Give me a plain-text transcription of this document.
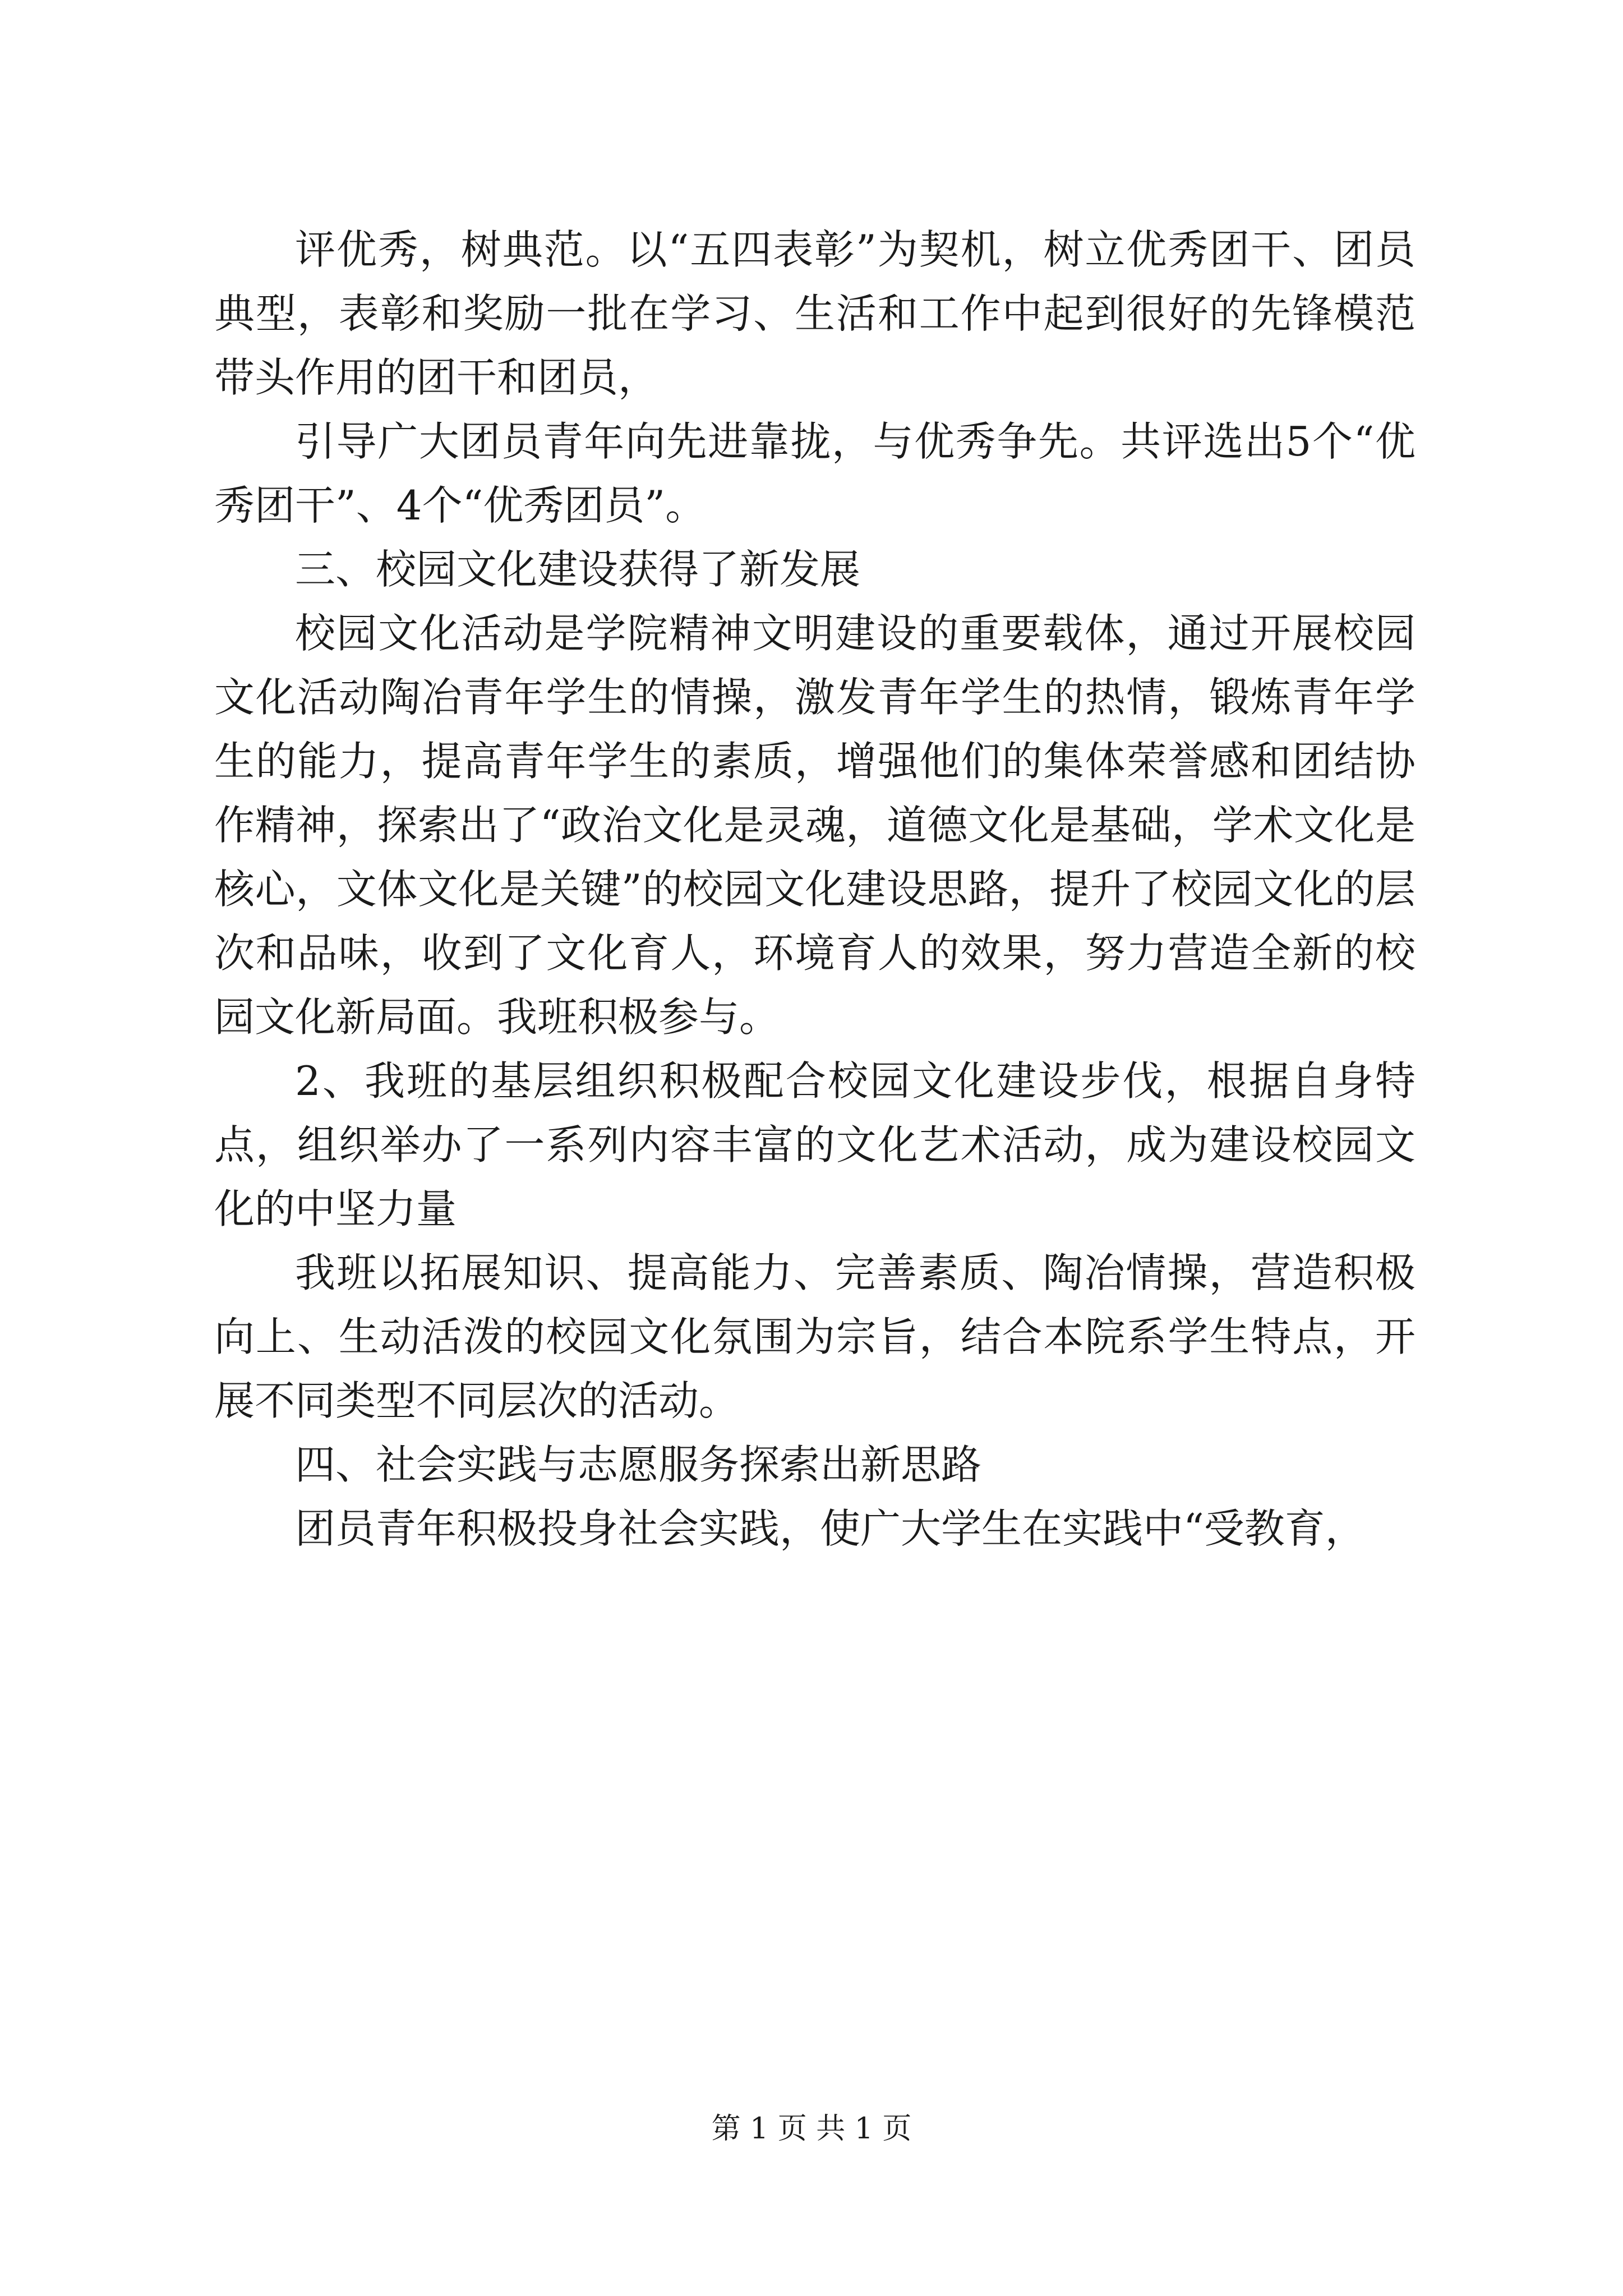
评优秀，树典范。以“五四表彰”为契机，树立优秀团干、团员典型，表彰和奖励一批在学习、生活和工作中起到很好的先锋模范带头作用的团干和团员，

引导广大团员青年向先进靠拢，与优秀争先。共评选出5个“优秀团干”、4个“优秀团员”。

三、校园文化建设获得了新发展

校园文化活动是学院精神文明建设的重要载体，通过开展校园文化活动陶冶青年学生的情操，激发青年学生的热情，锻炼青年学生的能力，提高青年学生的素质，增强他们的集体荣誉感和团结协作精神，探索出了“政治文化是灵魂，道德文化是基础，学术文化是核心，文体文化是关键”的校园文化建设思路，提升了校园文化的层次和品味，收到了文化育人，环境育人的效果，努力营造全新的校园文化新局面。我班积极参与。

2、我班的基层组织积极配合校园文化建设步伐，根据自身特点，组织举办了一系列内容丰富的文化艺术活动，成为建设校园文化的中坚力量

我班以拓展知识、提高能力、完善素质、陶冶情操，营造积极向上、生动活泼的校园文化氛围为宗旨，结合本院系学生特点，开展不同类型不同层次的活动。

四、社会实践与志愿服务探索出新思路

团员青年积极投身社会实践，使广大学生在实践中“受教育，

第 1 页 共 1 页
